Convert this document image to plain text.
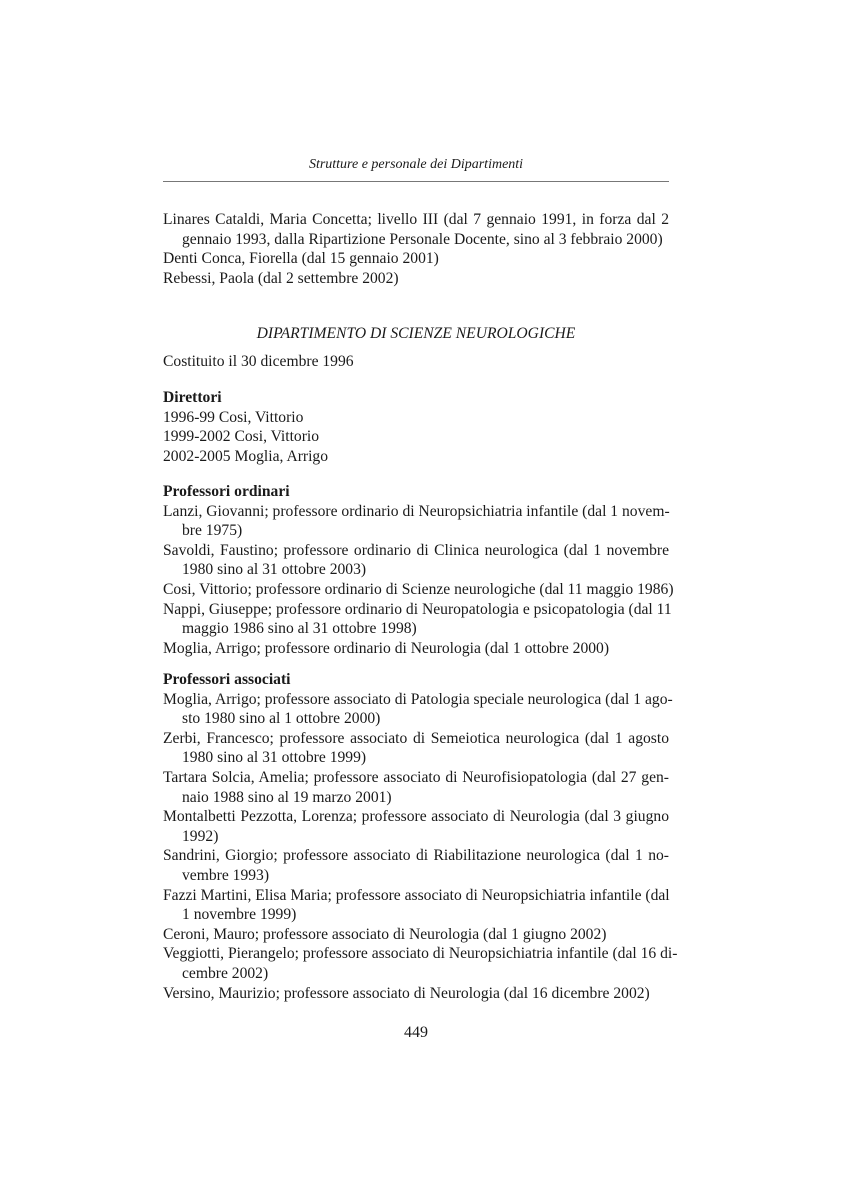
Strutture e personale dei Dipartimenti
Linares Cataldi, Maria Concetta; livello III (dal 7 gennaio 1991, in forza dal 2
gennaio 1993, dalla Ripartizione Personale Docente, sino al 3 febbraio 2000)
Denti Conca, Fiorella (dal 15 gennaio 2001)
Rebessi, Paola (dal 2 settembre 2002)
DIPARTIMENTO DI SCIENZE NEUROLOGICHE
Costituito il 30 dicembre 1996
Direttori
1996-99 Cosi, Vittorio
1999-2002 Cosi, Vittorio
2002-2005 Moglia, Arrigo
Professori ordinari
Lanzi, Giovanni; professore ordinario di Neuropsichiatria infantile (dal 1 novem-
bre 1975)
Savoldi, Faustino; professore ordinario di Clinica neurologica (dal 1 novembre
1980 sino al 31 ottobre 2003)
Cosi, Vittorio; professore ordinario di Scienze neurologiche (dal 11 maggio 1986)
Nappi, Giuseppe; professore ordinario di Neuropatologia e psicopatologia (dal 11
maggio 1986 sino al 31 ottobre 1998)
Moglia, Arrigo; professore ordinario di Neurologia (dal 1 ottobre 2000)
Professori associati
Moglia, Arrigo; professore associato di Patologia speciale neurologica (dal 1 ago-
sto 1980 sino al 1 ottobre 2000)
Zerbi, Francesco; professore associato di Semeiotica neurologica (dal 1 agosto
1980 sino al 31 ottobre 1999)
Tartara Solcia, Amelia; professore associato di Neurofisiopatologia (dal 27 gen-
naio 1988 sino al 19 marzo 2001)
Montalbetti Pezzotta, Lorenza; professore associato di Neurologia (dal 3 giugno
1992)
Sandrini, Giorgio; professore associato di Riabilitazione neurologica (dal 1 no-
vembre 1993)
Fazzi Martini, Elisa Maria; professore associato di Neuropsichiatria infantile (dal
1 novembre 1999)
Ceroni, Mauro; professore associato di Neurologia (dal 1 giugno 2002)
Veggiotti, Pierangelo; professore associato di Neuropsichiatria infantile (dal 16 di-
cembre 2002)
Versino, Maurizio; professore associato di Neurologia (dal 16 dicembre 2002)
449
